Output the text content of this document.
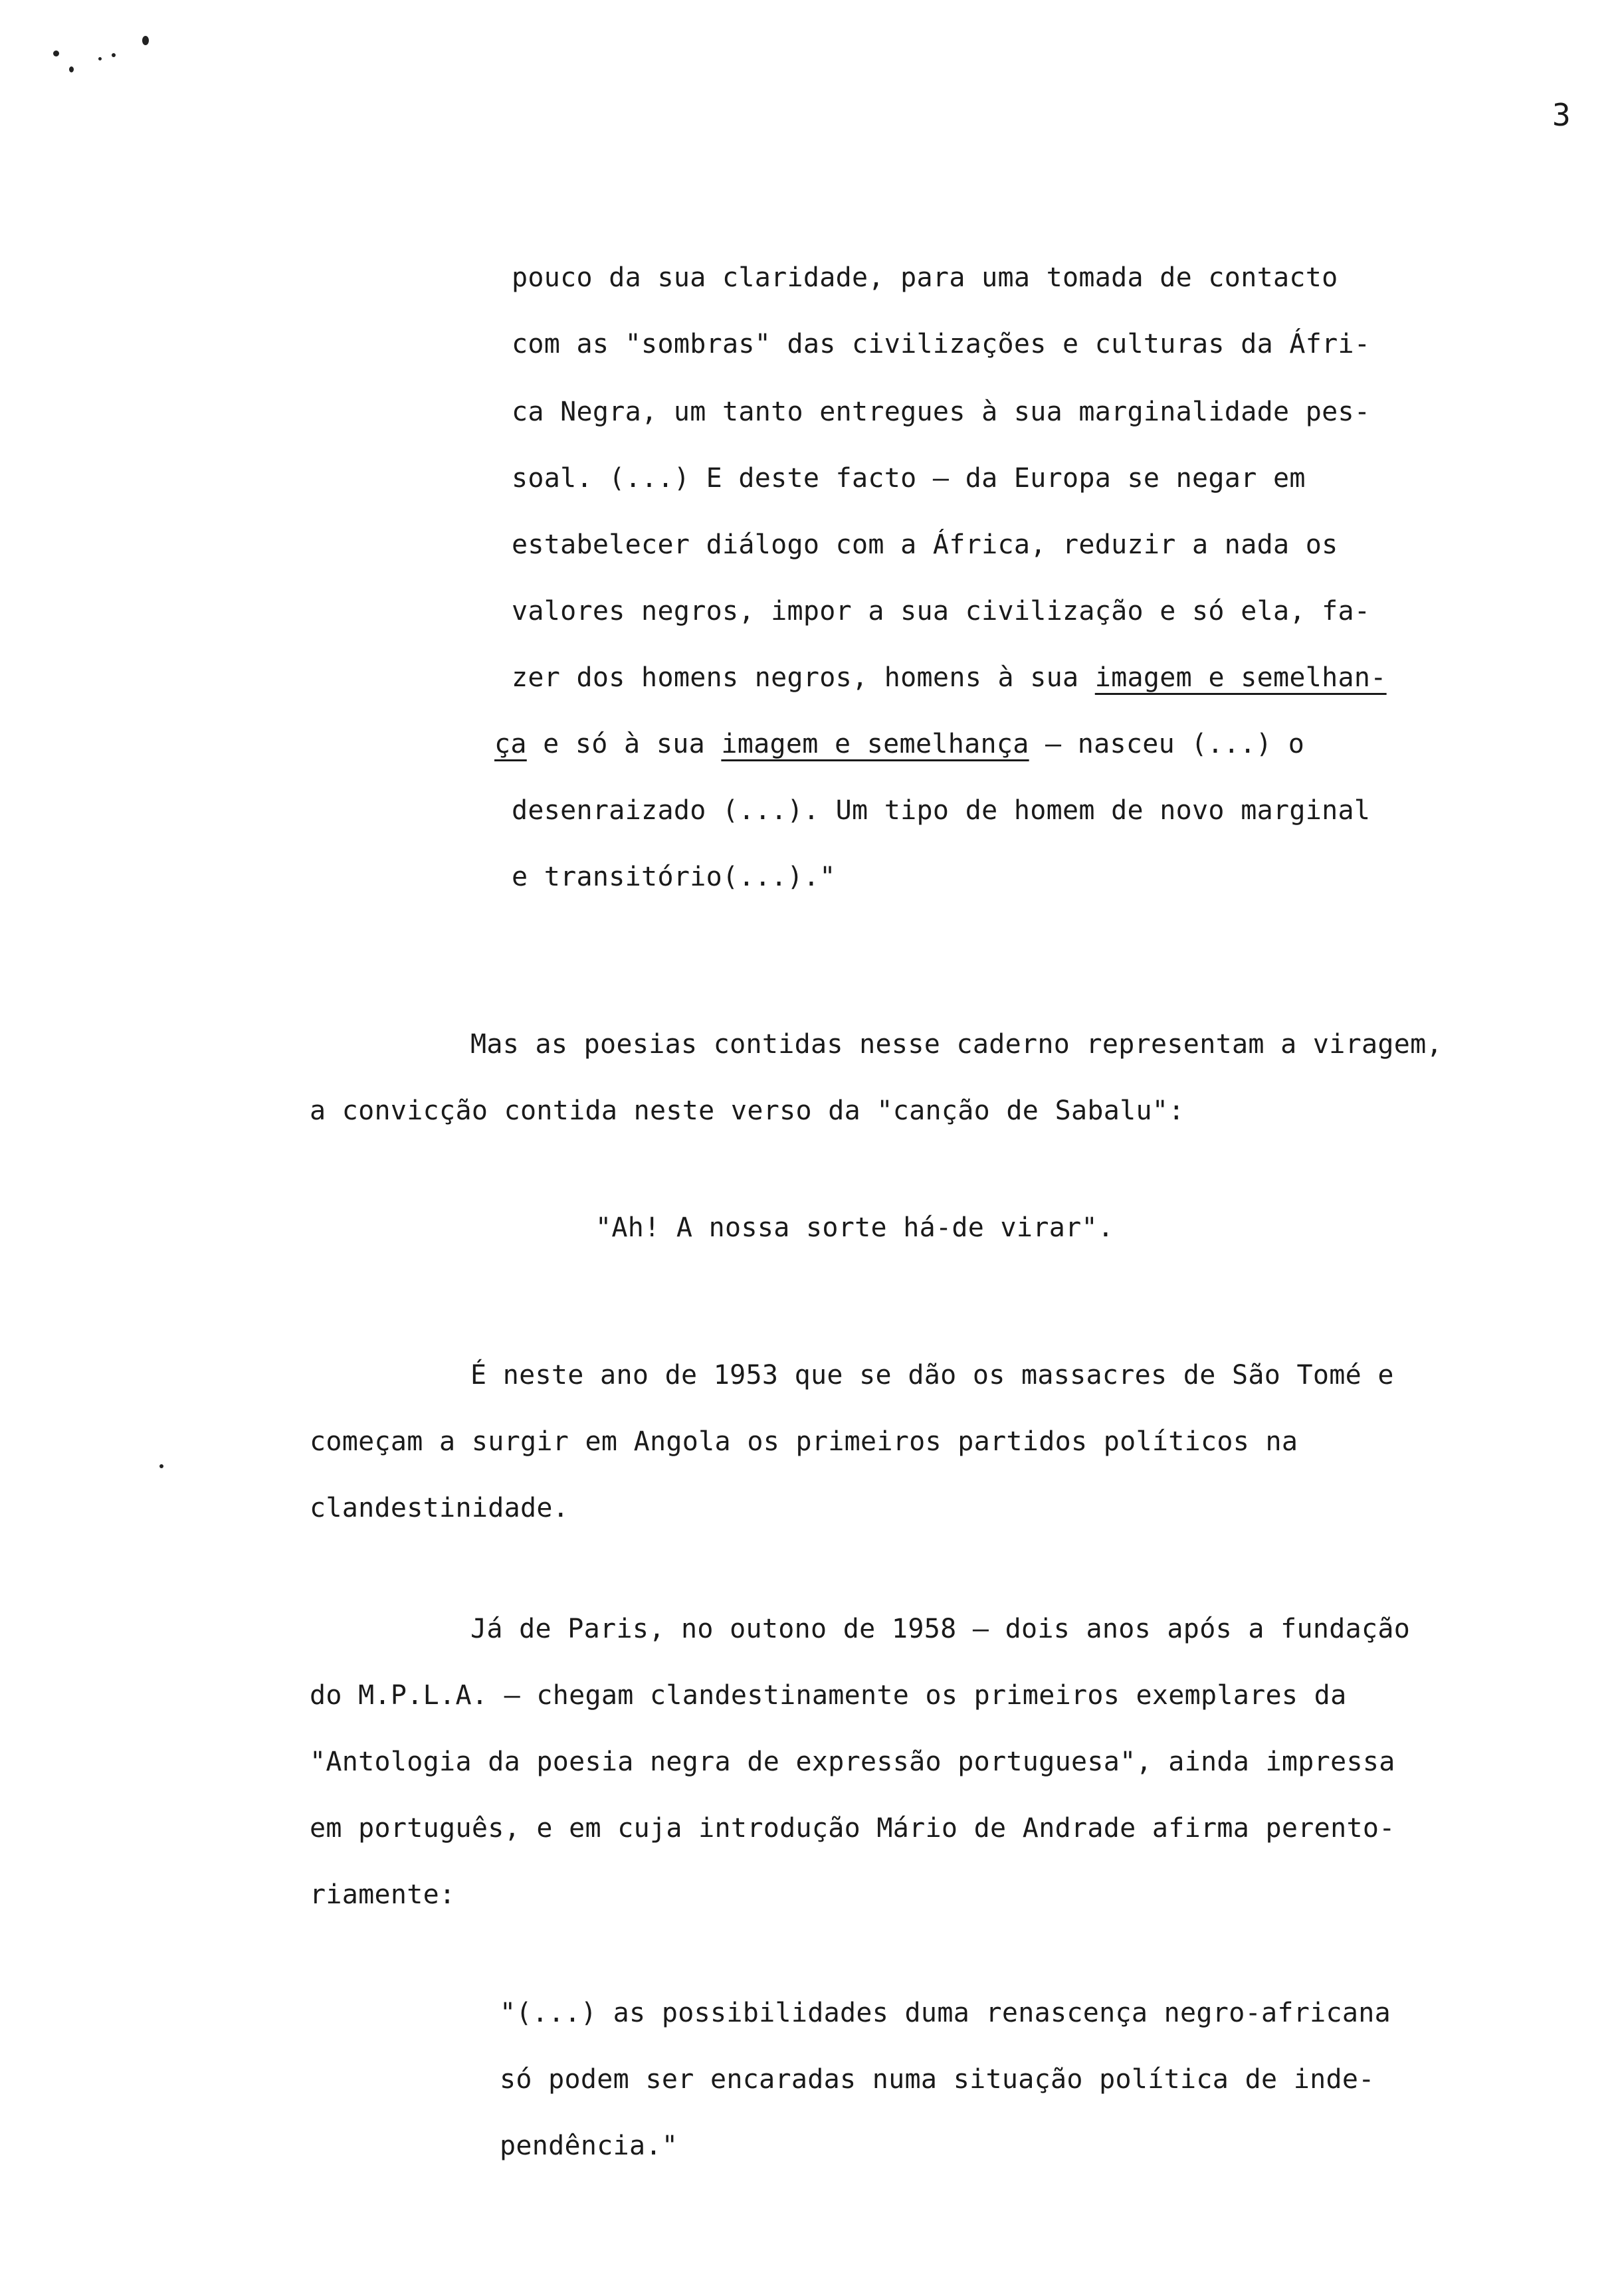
3
pouco da sua claridade, para uma tomada de contacto
com as "sombras" das civilizações e culturas da Áfri-
ca Negra, um tanto entregues à sua marginalidade pes-
soal. (...) E deste facto — da Europa se negar em
estabelecer diálogo com a África, reduzir a nada os
valores negros, impor a sua civilização e só ela, fa-
zer dos homens negros, homens à sua imagem e semelhan-
ça e só à sua imagem e semelhança — nasceu (...) o
desenraizado (...). Um tipo de homem de novo marginal
e transitório(...)."
Mas as poesias contidas nesse caderno representam a viragem,
a convicção contida neste verso da "canção de Sabalu":
"Ah! A nossa sorte há-de virar".
É neste ano de 1953 que se dão os massacres de São Tomé e
começam a surgir em Angola os primeiros partidos políticos na
clandestinidade.
Já de Paris, no outono de 1958 — dois anos após a fundação
do M.P.L.A. — chegam clandestinamente os primeiros exemplares da
"Antologia da poesia negra de expressão portuguesa", ainda impressa
em português, e em cuja introdução Mário de Andrade afirma perento-
riamente:
"(...) as possibilidades duma renascença negro-africana
só podem ser encaradas numa situação política de inde-
pendência."
